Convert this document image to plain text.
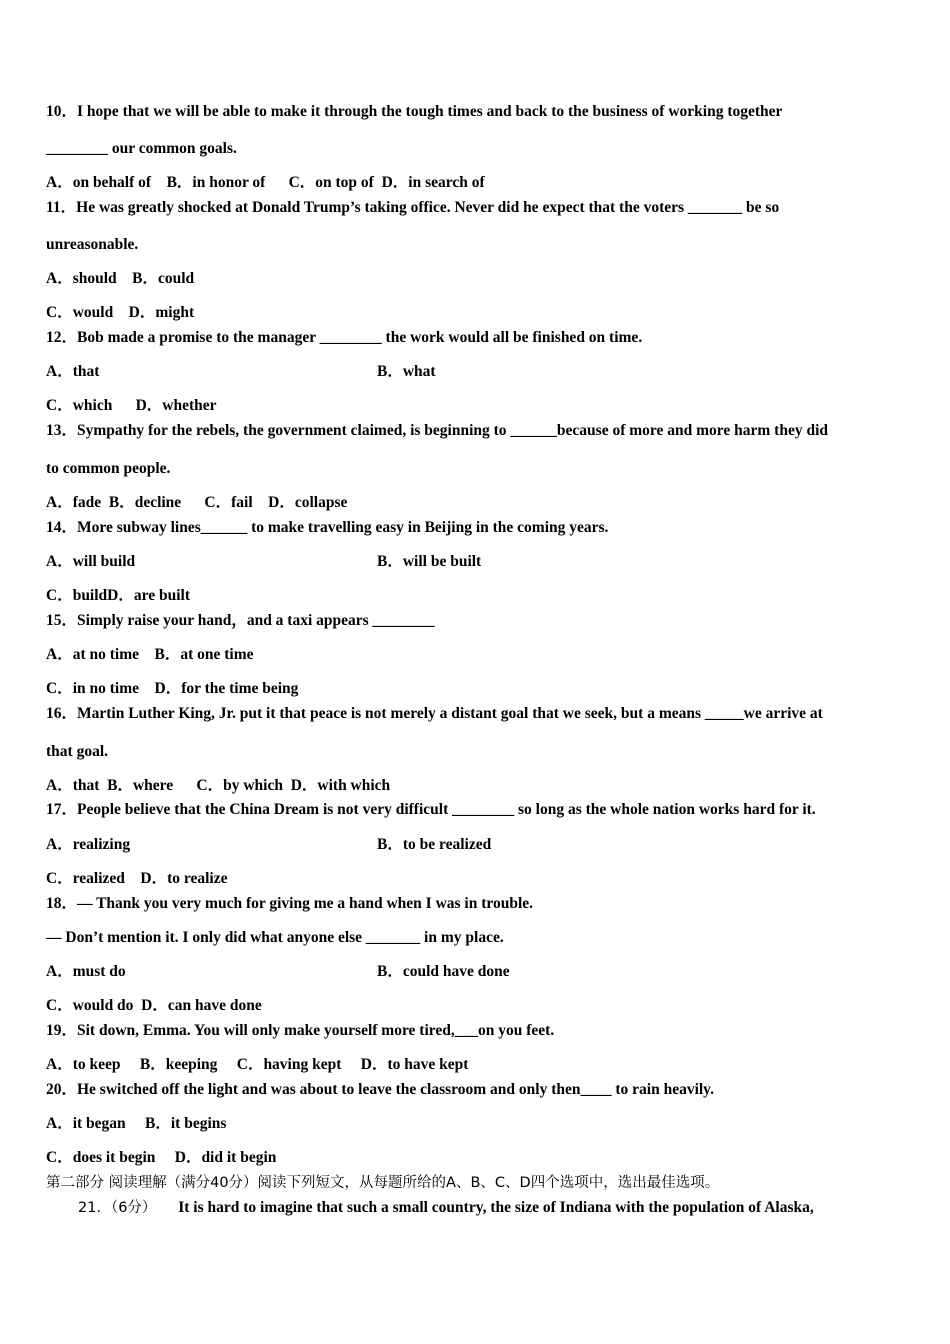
10．I hope that we will be able to make it through the tough times and back to the business of working together
________ our common goals.
A．on behalf of    B．in honor of      C．on top of  D．in search of
11．He was greatly shocked at Donald Trump’s taking office. Never did he expect that the voters _______ be so
unreasonable.
A．should    B．could
C．would    D．might
12．Bob made a promise to the manager ________ the work would all be finished on time.
A．that	B．what
C．which      D．whether
13．Sympathy for the rebels, the government claimed, is beginning to ______because of more and more harm they did
to common people.
A．fade  B．decline      C．fail    D．collapse
14．More subway lines______ to make travelling easy in Beijing in the coming years.
A．will build	B．will be built
C．buildD．are built
15．Simply raise your hand，and a taxi appears ________
A．at no time    B．at one time
C．in no time    D．for the time being
16．Martin Luther King, Jr. put it that peace is not merely a distant goal that we seek, but a means _____we arrive at
that goal.
A．that  B．where      C．by which  D．with which
17．People believe that the China Dream is not very difficult ________ so long as the whole nation works hard for it.
A．realizing	B．to be realized
C．realized    D．to realize
18．— Thank you very much for giving me a hand when I was in trouble.
— Don’t mention it. I only did what anyone else _______ in my place.
A．must do	B．could have done
C．would do  D．can have done
19．Sit down, Emma. You will only make yourself more tired,___on you feet.
A．to keep     B．keeping     C．having kept     D．to have kept
20．He switched off the light and was about to leave the classroom and only then____ to rain heavily.
A．it began     B．it begins
C．does it begin     D．did it begin
第二部分 阅读理解（满分40分）阅读下列短文，从每题所给的A、B、C、D四个选项中，选出最佳选项。
21．（6分） It is hard to imagine that such a small country, the size of Indiana with the population of Alaska,
